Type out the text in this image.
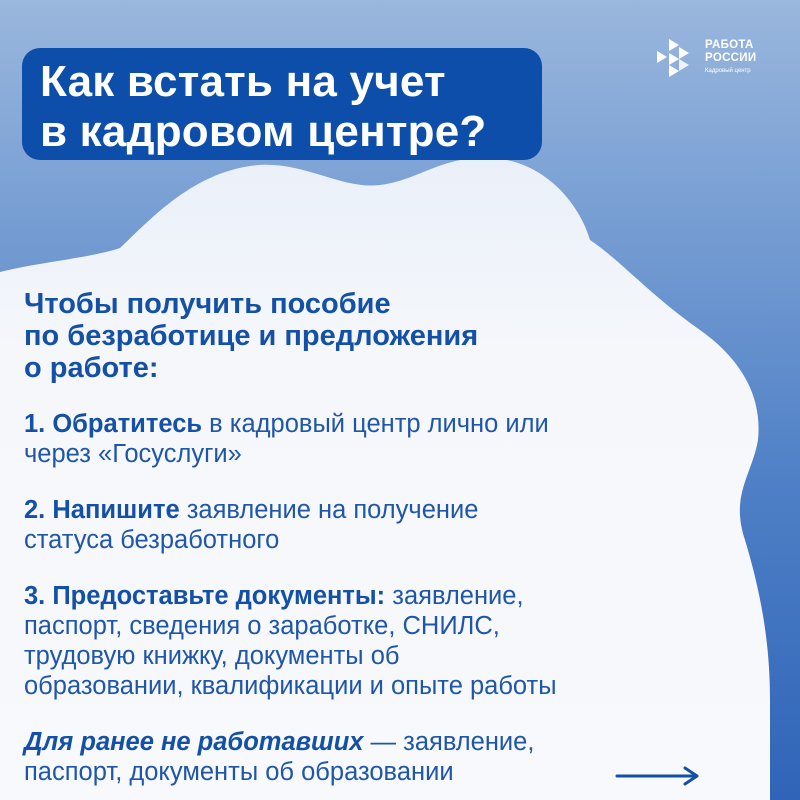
Как встать на учет
в кадровом центре?
РАБОТА
РОССИИ
Кадровый центр

Чтобы получить пособие
по безработице и предложения
о работе:

1. Обратитесь в кадровый центр лично или
через «Госуслуги»

2. Напишите заявление на получение
статуса безработного

3. Предоставьте документы: заявление,
паспорт, сведения о заработке, СНИЛС,
трудовую книжку, документы об
образовании, квалификации и опыте работы

Для ранее не работавших — заявление,
паспорт, документы об образовании
